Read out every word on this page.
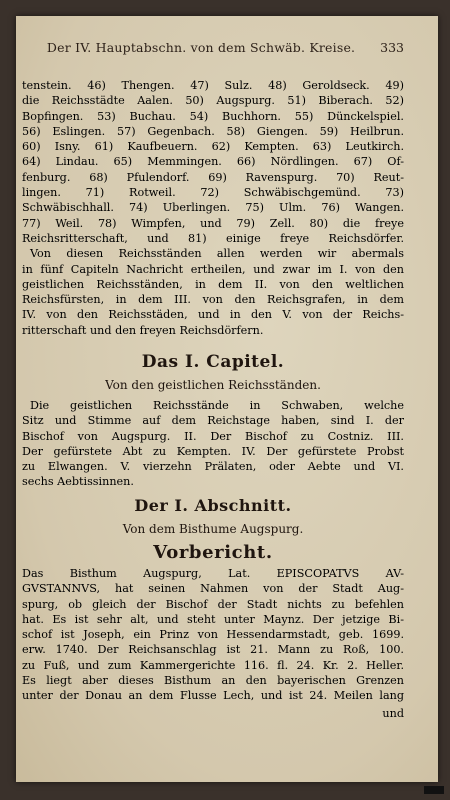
Der IV. Hauptabschn. von dem Schwäb. Kreise.	333
tenstein. 46) Thengen. 47) Sulz. 48) Geroldseck. 49)
die Reichsstädte Aalen. 50) Augspurg. 51) Biberach. 52)
Bopfingen. 53) Buchau. 54) Buchhorn. 55) Dünckelspiel.
56) Eslingen. 57) Gegenbach. 58) Giengen. 59) Heilbrun.
60) Isny. 61) Kaufbeuern. 62) Kempten. 63) Leutkirch.
64) Lindau. 65) Memmingen. 66) Nördlingen. 67) Of-
fenburg. 68) Pfulendorf. 69) Ravenspurg. 70) Reut-
lingen. 71) Rotweil. 72) Schwäbischgemünd. 73)
Schwäbischhall. 74) Uberlingen. 75) Ulm. 76) Wangen.
77) Weil. 78) Wimpfen, und 79) Zell. 80) die freye
Reichsritterschaft, und 81) einige freye Reichsdörfer.
Von diesen Reichsständen allen werden wir abermals
in fünf Capiteln Nachricht ertheilen, und zwar im I. von den
geistlichen Reichsständen, in dem II. von den weltlichen
Reichsfürsten, in dem III. von den Reichsgrafen, in dem
IV. von den Reichsstäden, und in den V. von der Reichs-
ritterschaft und den freyen Reichsdörfern.
Das I. Capitel.
Von den geistlichen Reichsständen.
Die geistlichen Reichsstände in Schwaben, welche
Sitz und Stimme auf dem Reichstage haben, sind I. der
Bischof von Augspurg. II. Der Bischof zu Costniz. III.
Der gefürstete Abt zu Kempten. IV. Der gefürstete Probst
zu Elwangen. V. vierzehn Prälaten, oder Aebte und VI.
sechs Aebtissinnen.
Der I. Abschnitt.
Von dem Bisthume Augspurg.
Vorbericht.
Das Bisthum Augspurg, Lat. EPISCOPATVS AV-
GVSTANNVS, hat seinen Nahmen von der Stadt Aug-
spurg, ob gleich der Bischof der Stadt nichts zu befehlen
hat. Es ist sehr alt, und steht unter Maynz. Der jetzige Bi-
schof ist Joseph, ein Prinz von Hessendarmstadt, geb. 1699.
erw. 1740. Der Reichsanschlag ist 21. Mann zu Roß, 100.
zu Fuß, und zum Kammergerichte 116. fl. 24. Kr. 2. Heller.
Es liegt aber dieses Bisthum an den bayerischen Grenzen
unter der Donau an dem Flusse Lech, und ist 24. Meilen lang
und
